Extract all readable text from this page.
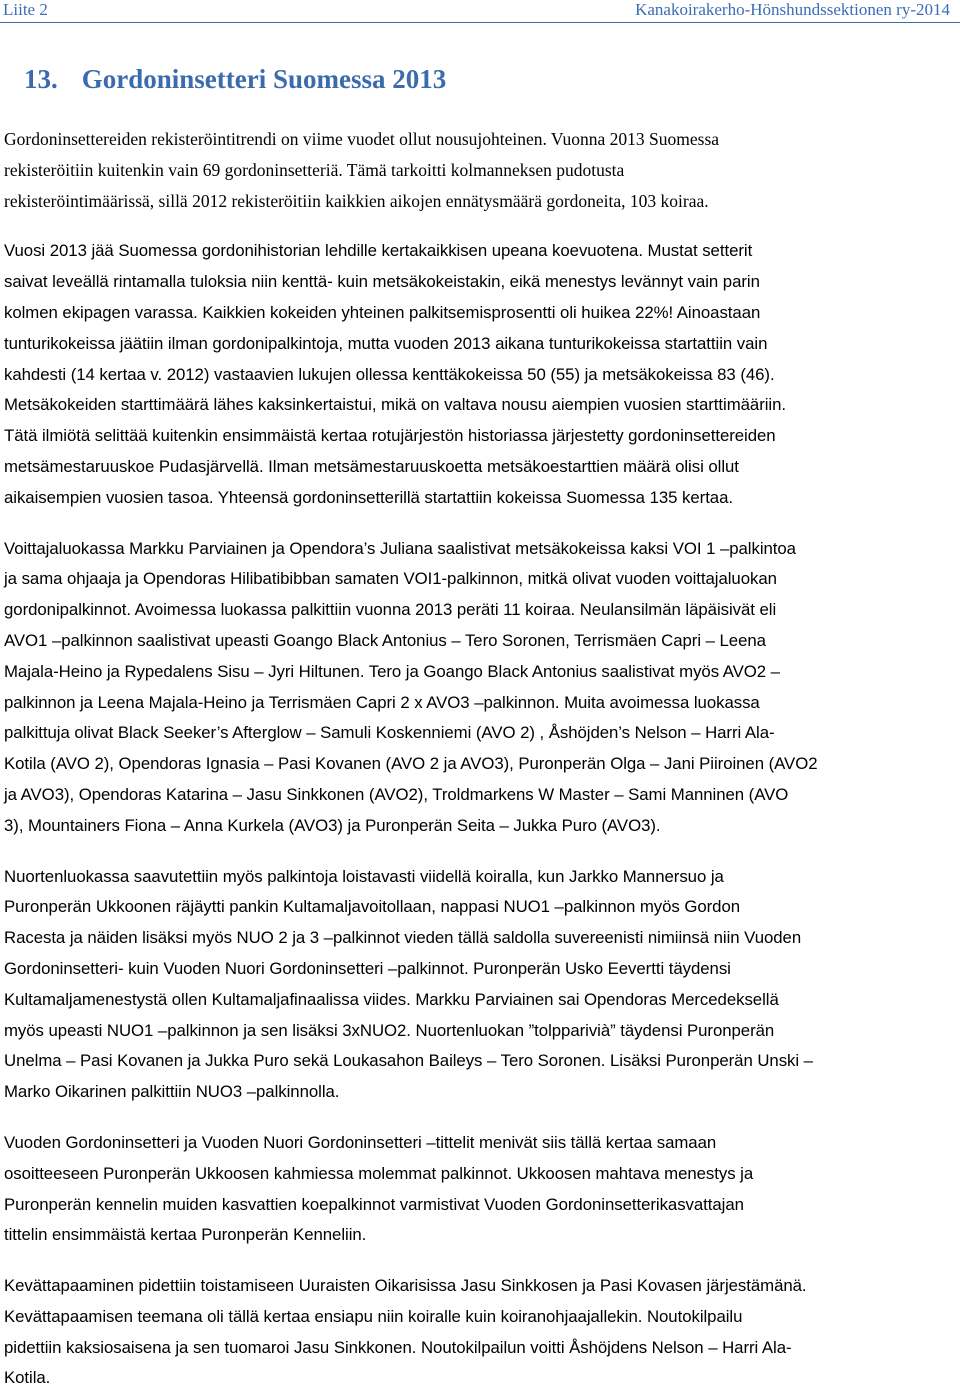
Liite 2	Kanakoirakerho-Hönshundssektionen ry-2014
13. Gordoninsetteri Suomessa 2013

Gordoninsettereiden rekisteröintitrendi on viime vuodet ollut nousujohteinen. Vuonna 2013 Suomessa
rekisteröitiin kuitenkin vain 69 gordoninsetteriä. Tämä tarkoitti kolmanneksen pudotusta
rekisteröintimäärissä, sillä 2012 rekisteröitiin kaikkien aikojen ennätysmäärä gordoneita, 103 koiraa.

Vuosi 2013 jää Suomessa gordonihistorian lehdille kertakaikkisen upeana koevuotena. Mustat setterit
saivat leveällä rintamalla tuloksia niin kenttä- kuin metsäkokeistakin, eikä menestys levännyt vain parin
kolmen ekipagen varassa. Kaikkien kokeiden yhteinen palkitsemisprosentti oli huikea 22%! Ainoastaan
tunturikokeissa jäätiin ilman gordonipalkintoja, mutta vuoden 2013 aikana tunturikokeissa startattiin vain
kahdesti (14 kertaa v. 2012) vastaavien lukujen ollessa kenttäkokeissa 50 (55) ja metsäkokeissa 83 (46).
Metsäkokeiden starttimäärä lähes kaksinkertaistui, mikä on valtava nousu aiempien vuosien starttimääriin.
Tätä ilmiötä selittää kuitenkin ensimmäistä kertaa rotujärjestön historiassa järjestetty gordoninsettereiden
metsämestaruuskoe Pudasjärvellä. Ilman metsämestaruuskoetta metsäkoestarttien määrä olisi ollut
aikaisempien vuosien tasoa. Yhteensä gordoninsetterillä startattiin kokeissa Suomessa 135 kertaa.

Voittajaluokassa Markku Parviainen ja Opendora’s Juliana saalistivat metsäkokeissa kaksi VOI 1 –palkintoa
ja sama ohjaaja ja Opendoras Hilibatibibban samaten VOI1-palkinnon, mitkä olivat vuoden voittajaluokan
gordonipalkinnot. Avoimessa luokassa palkittiin vuonna 2013 peräti 11 koiraa. Neulansilmän läpäisivät eli
AVO1 –palkinnon saalistivat upeasti Goango Black Antonius – Tero Soronen, Terrismäen Capri – Leena
Majala-Heino ja Rypedalens Sisu – Jyri Hiltunen. Tero ja Goango Black Antonius saalistivat myös AVO2 –
palkinnon ja Leena Majala-Heino ja Terrismäen Capri 2 x AVO3 –palkinnon. Muita avoimessa luokassa
palkittuja olivat Black Seeker’s Afterglow – Samuli Koskenniemi (AVO 2) , Åshöjden’s Nelson – Harri Ala-
Kotila (AVO 2), Opendoras Ignasia – Pasi Kovanen (AVO 2 ja AVO3), Puronperän Olga – Jani Piiroinen (AVO2
ja AVO3), Opendoras Katarina – Jasu Sinkkonen (AVO2), Troldmarkens W Master – Sami Manninen (AVO
3), Mountainers Fiona – Anna Kurkela (AVO3) ja Puronperän Seita – Jukka Puro (AVO3).

Nuortenluokassa saavutettiin myös palkintoja loistavasti viidellä koiralla, kun Jarkko Mannersuo ja
Puronperän Ukkoonen räjäytti pankin Kultamaljavoitollaan, nappasi NUO1 –palkinnon myös Gordon
Racesta ja näiden lisäksi myös NUO 2 ja 3 –palkinnot vieden tällä saldolla suvereenisti nimiinsä niin Vuoden
Gordoninsetteri- kuin Vuoden Nuori Gordoninsetteri –palkinnot. Puronperän Usko Eevertti täydensi
Kultamaljamenestystä ollen Kultamaljafinaalissa viides. Markku Parviainen sai Opendoras Mercedeksellä
myös upeasti NUO1 –palkinnon ja sen lisäksi 3xNUO2. Nuortenluokan ”tolpparivià” täydensi Puronperän
Unelma – Pasi Kovanen ja Jukka Puro sekä Loukasahon Baileys – Tero Soronen. Lisäksi Puronperän Unski –
Marko Oikarinen palkittiin NUO3 –palkinnolla.

Vuoden Gordoninsetteri ja Vuoden Nuori Gordoninsetteri –tittelit menivät siis tällä kertaa samaan
osoitteeseen Puronperän Ukkoosen kahmiessa molemmat palkinnot. Ukkoosen mahtava menestys ja
Puronperän kennelin muiden kasvattien koepalkinnot varmistivat Vuoden Gordoninsetterikasvattajan
tittelin ensimmäistä kertaa Puronperän Kenneliin.

Kevättapaaminen pidettiin toistamiseen Uuraisten Oikarisissa Jasu Sinkkosen ja Pasi Kovasen järjestämänä.
Kevättapaamisen teemana oli tällä kertaa ensiapu niin koiralle kuin koiranohjaajallekin. Noutokilpailu
pidettiin kaksiosaisena ja sen tuomaroi Jasu Sinkkonen. Noutokilpailun voitti Åshöjdens Nelson – Harri Ala-
Kotila.
